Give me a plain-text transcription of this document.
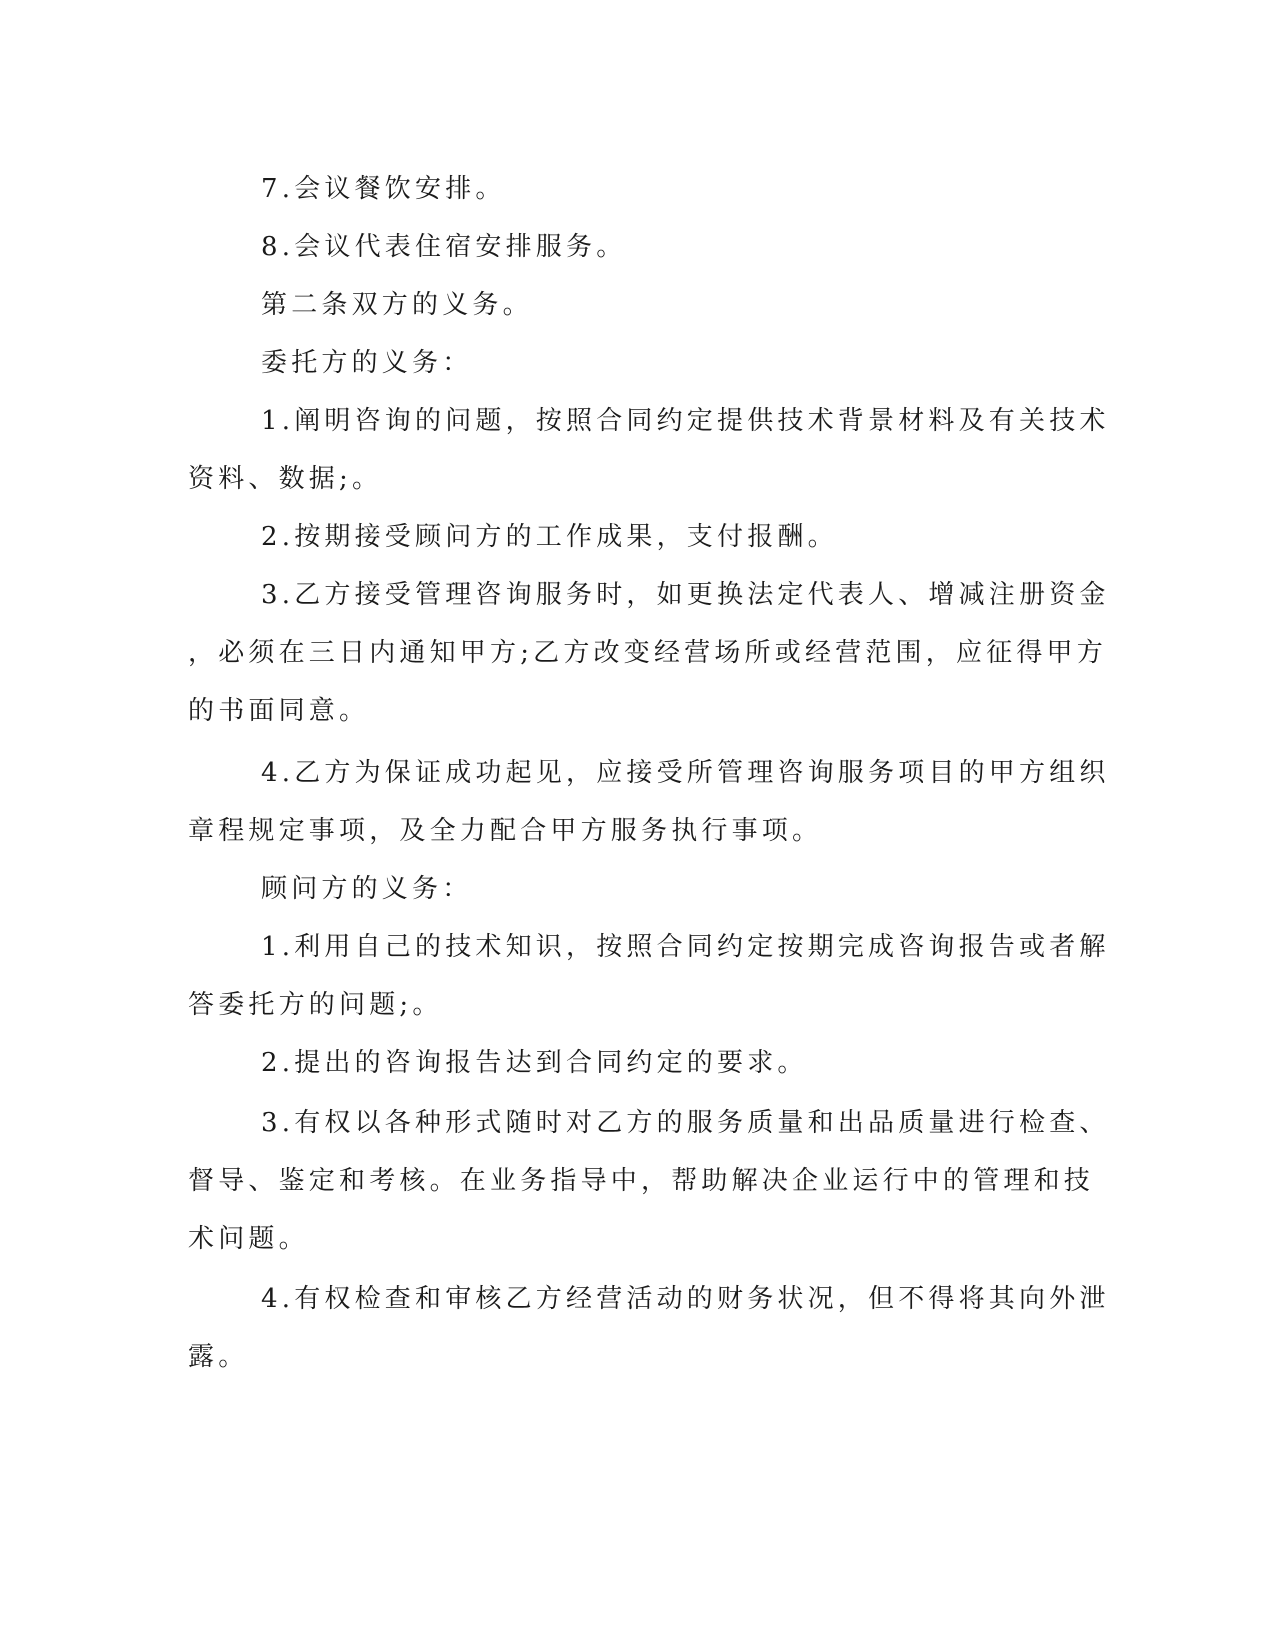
7.会议餐饮安排。
8.会议代表住宿安排服务。
第二条双方的义务。
委托方的义务：
1.阐明咨询的问题，按照合同约定提供技术背景材料及有关技术
资料、数据;。
2.按期接受顾问方的工作成果，支付报酬。
3.乙方接受管理咨询服务时，如更换法定代表人、增减注册资金
，必须在三日内通知甲方;乙方改变经营场所或经营范围，应征得甲方
的书面同意。
4.乙方为保证成功起见，应接受所管理咨询服务项目的甲方组织
章程规定事项，及全力配合甲方服务执行事项。
顾问方的义务：
1.利用自己的技术知识，按照合同约定按期完成咨询报告或者解
答委托方的问题;。
2.提出的咨询报告达到合同约定的要求。
3.有权以各种形式随时对乙方的服务质量和出品质量进行检查、
督导、鉴定和考核。在业务指导中，帮助解决企业运行中的管理和技
术问题。
4.有权检查和审核乙方经营活动的财务状况，但不得将其向外泄
露。
